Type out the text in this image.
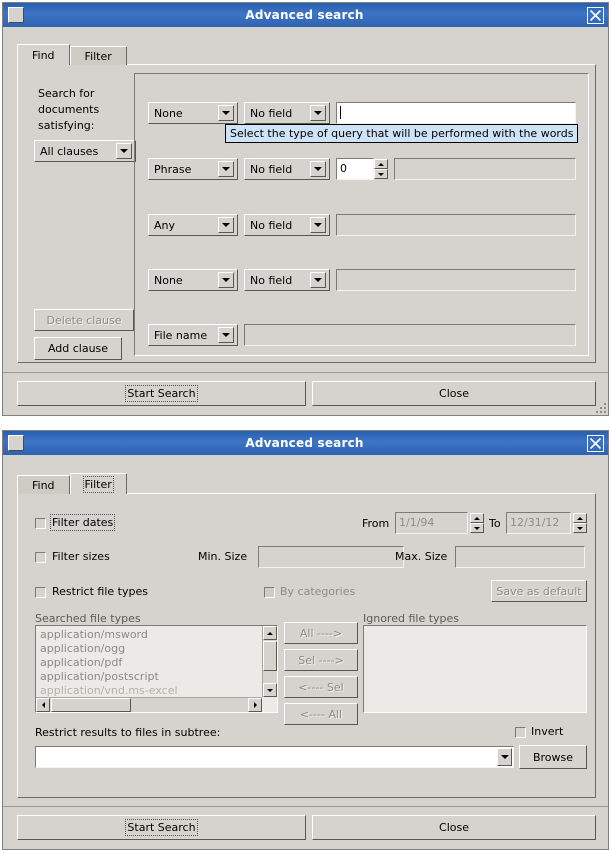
Advanced search
Find	Filter
Search for documents satisfying:
All clauses
Delete clause
Add clause
None	No field
Select the type of query that will be performed with the words
Phrase	No field	0
Any	No field
None	No field
File name
Start Search	Close
Advanced search
Find	Filter
Filter dates	From 1/1/94	To 12/31/12
Filter sizes	Min. Size	Max. Size
Restrict file types	By categories	Save as default
Searched file types	Ignored file types
application/msword
application/ogg
application/pdf
application/postscript
application/vnd.ms-excel
All ---->
Sel ---->
<---- Sel
<---- All
Restrict results to files in subtree:	Invert
Browse
Start Search	Close
